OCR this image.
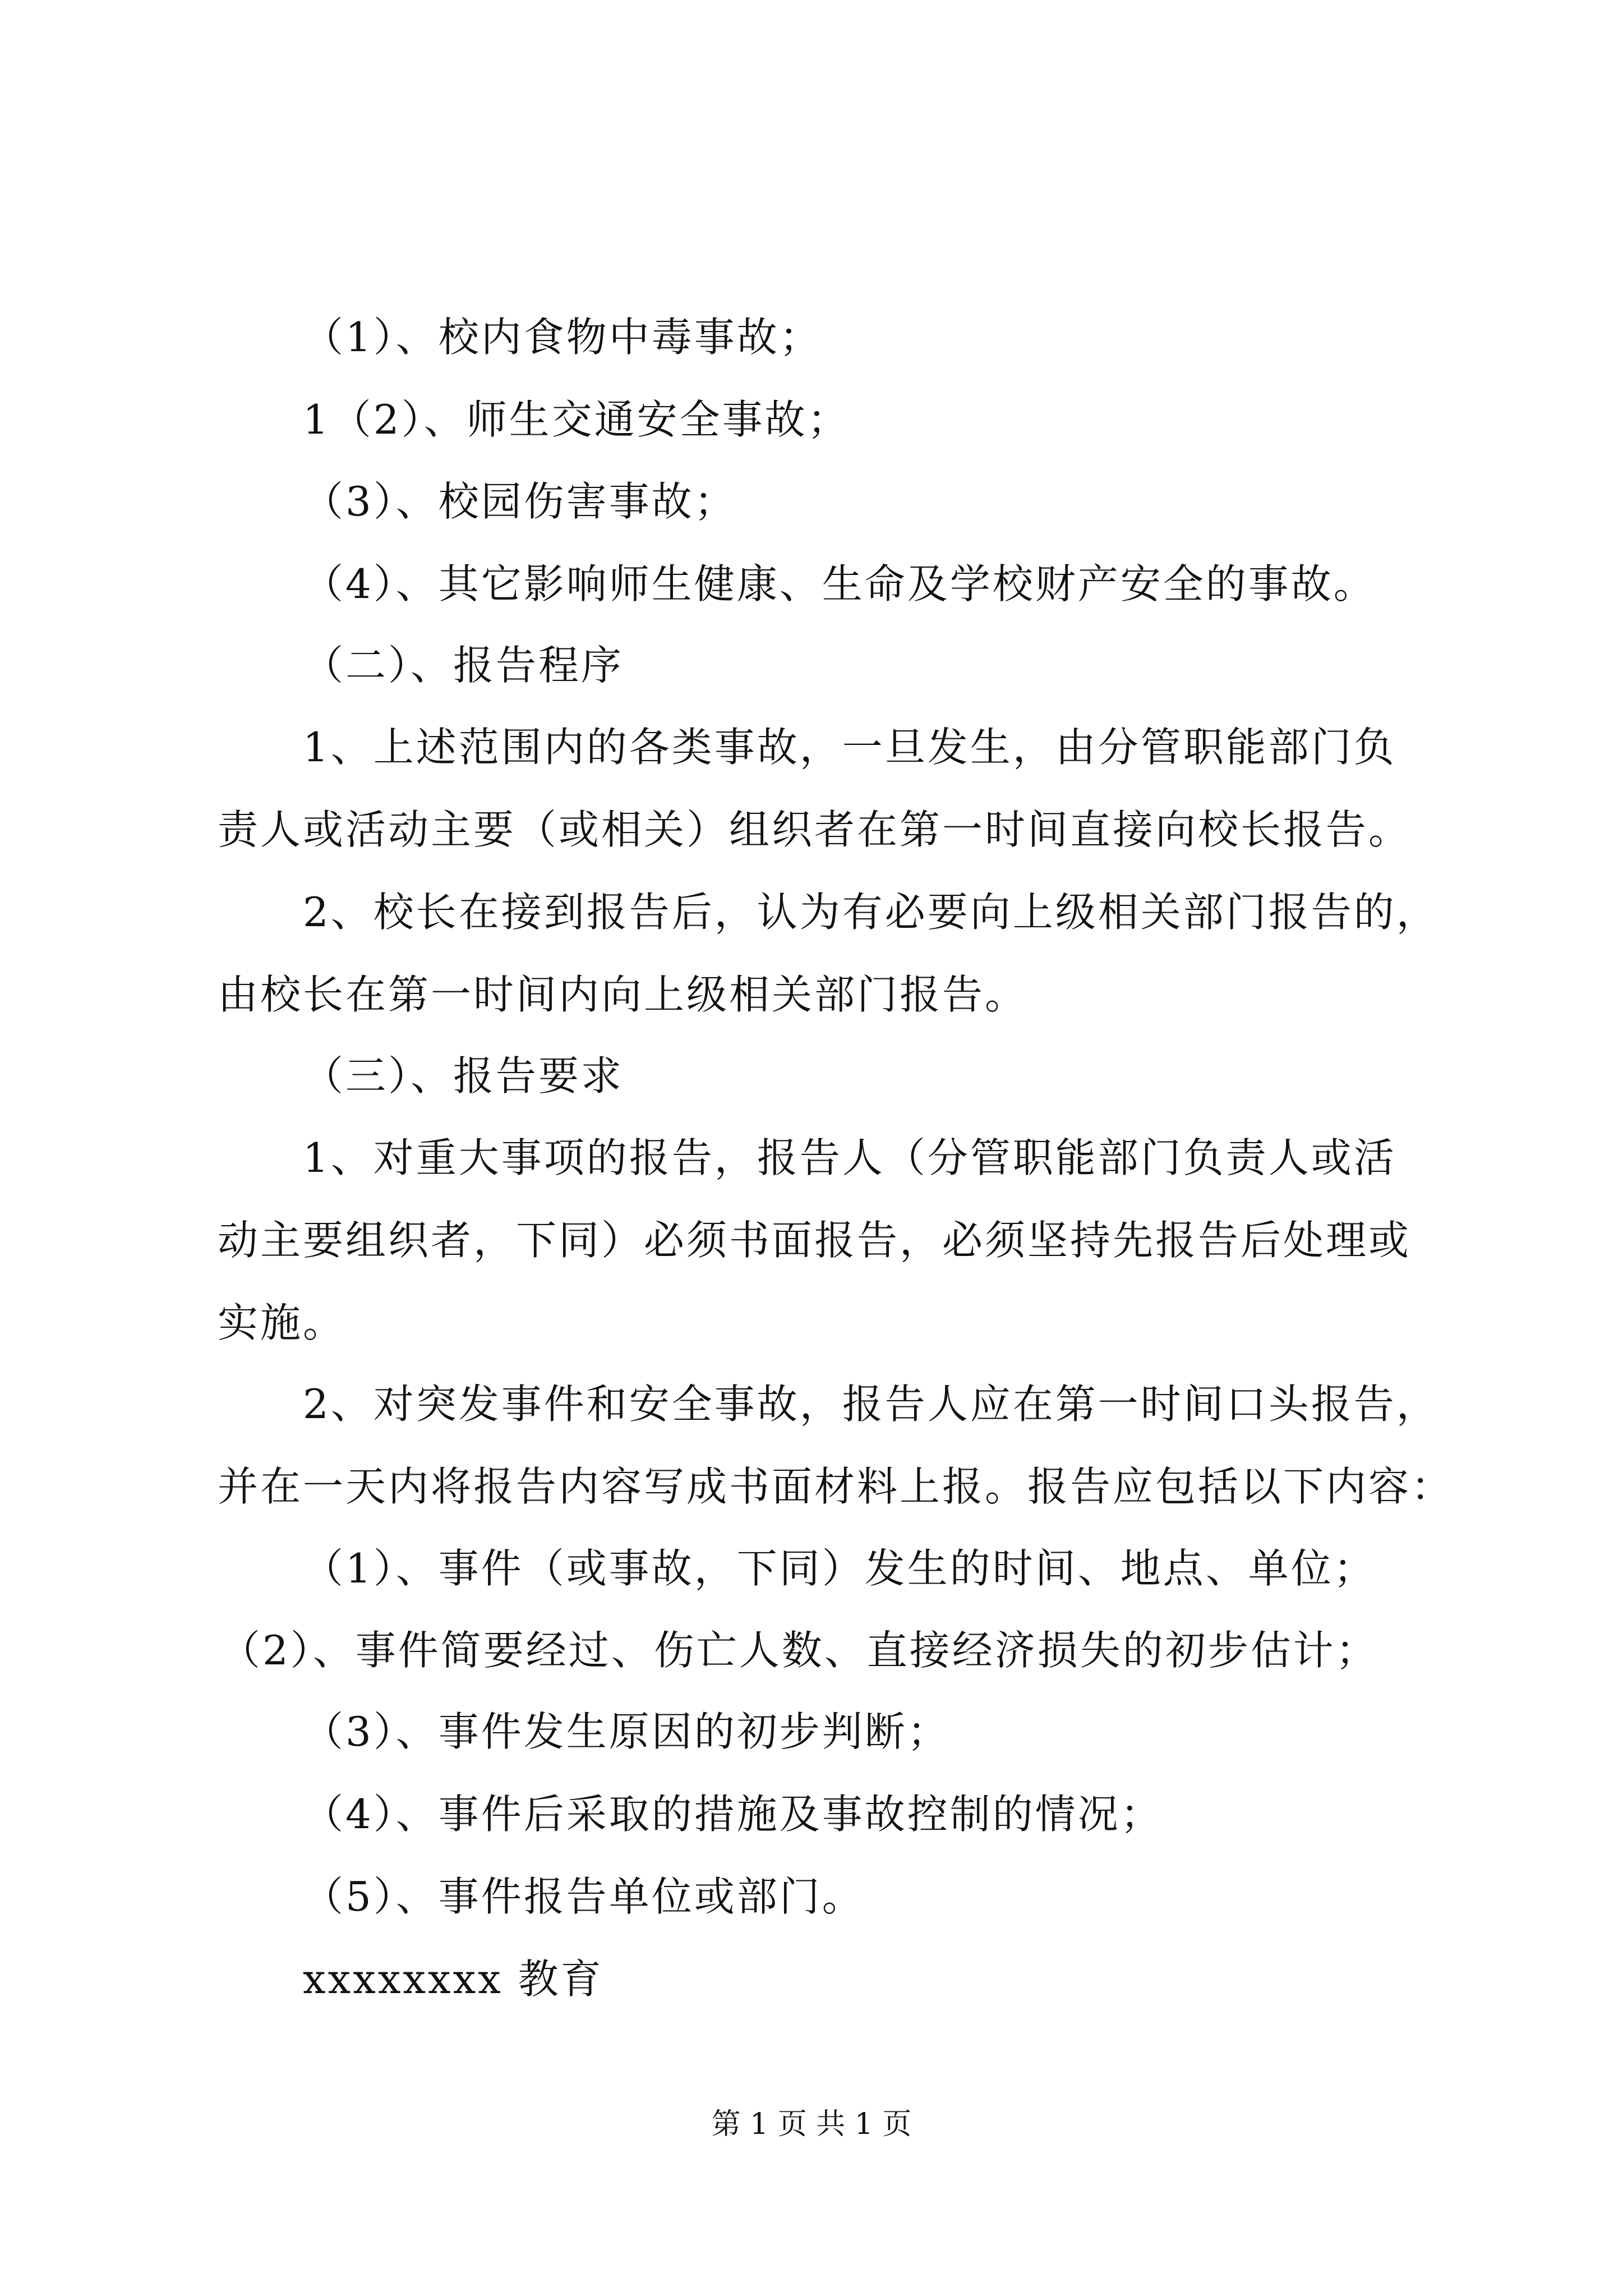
（1）、校内食物中毒事故；
1（2）、师生交通安全事故；
（3）、校园伤害事故；
（4）、其它影响师生健康、生命及学校财产安全的事故。
（二）、报告程序
1、上述范围内的各类事故，一旦发生，由分管职能部门负
责人或活动主要（或相关）组织者在第一时间直接向校长报告。
2、校长在接到报告后，认为有必要向上级相关部门报告的，
由校长在第一时间内向上级相关部门报告。
（三）、报告要求
1、对重大事项的报告，报告人（分管职能部门负责人或活
动主要组织者，下同）必须书面报告，必须坚持先报告后处理或
实施。
2、对突发事件和安全事故，报告人应在第一时间口头报告，
并在一天内将报告内容写成书面材料上报。报告应包括以下内容：
（1）、事件（或事故，下同）发生的时间、地点、单位；
（2）、事件简要经过、伤亡人数、直接经济损失的初步估计；
（3）、事件发生原因的初步判断；
（4）、事件后采取的措施及事故控制的情况；
（5）、事件报告单位或部门。
xxxxxxxx 教育
第 1 页 共 1 页
